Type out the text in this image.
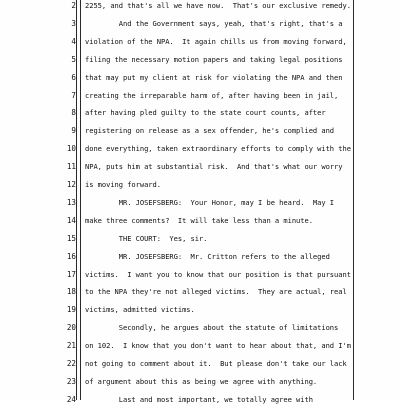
2 2255, and that's all we have now.  That's our exclusive remedy.
3 And the Government says, yeah, that's right, that's a
4 violation of the NPA.  It again chills us from moving forward,
5 filing the necessary motion papers and taking legal positions
6 that may put my client at risk for violating the NPA and then
7 creating the irreparable harm of, after having been in jail,
8 after having pled guilty to the state court counts, after
9 registering on release as a sex offender, he's complied and
10 done everything, taken extraordinary efforts to comply with the
11 NPA, puts him at substantial risk.  And that's what our worry
12 is moving forward.
13 MR. JOSEFSBERG:  Your Honor, may I be heard.  May I
14 make three comments?  It will take less than a minute.
15 THE COURT:  Yes, sir.
16 MR. JOSEFSBERG:  Mr. Critton refers to the alleged
17 victims.  I want you to know that our position is that pursuant
18 to the NPA they're not alleged victims.  They are actual, real
19 victims, admitted victims.
20 Secondly, he argues about the statute of limitations
21 on 102.  I know that you don't want to hear about that, and I'm
22 not going to comment about it.  But please don't take our lack
23 of argument about this as being we agree with anything.
24 Last and most important, we totally agree with
